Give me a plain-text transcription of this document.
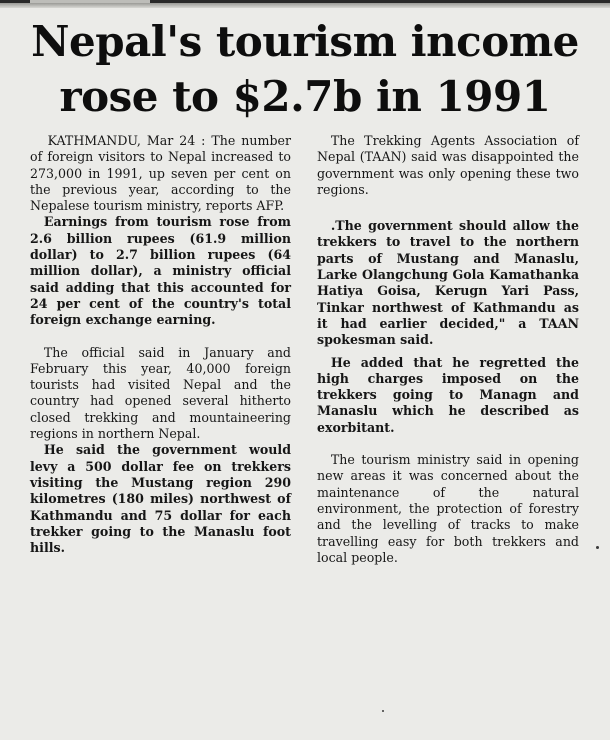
Nepal's tourism income
rose to $2.7b in 1991

KATHMANDU, Mar 24 : The number of foreign visitors to Nepal increased to 273,000 in 1991, up seven per cent on the previous year, according to the Nepalese tourism ministry, reports AFP.

Earnings from tourism rose from 2.6 billion rupees (61.9 million dollar) to 2.7 billion rupees (64 million dollar), a ministry official said adding that this accounted for 24 per cent of the country's total foreign exchange earning.

The official said in January and February this year, 40,000 foreign tourists had visited Nepal and the country had opened several hitherto closed trekking and mountaineering regions in northern Nepal.

He said the government would levy a 500 dollar fee on trekkers visiting the Mustang region 290 kilometres (180 miles) northwest of Kathmandu and 75 dollar for each trekker going to the Manaslu foot hills.

The Trekking Agents Association of Nepal (TAAN) said was disappointed the government was only opening these two regions.

.The government should allow the trekkers to travel to the northern parts of Mustang and Manaslu, Larke Olangchung Gola Kamathanka Hatiya Goisa, Kerugn Yari Pass, Tinkar northwest of Kathmandu as it had earlier decided," a TAAN spokesman said.

He added that he regretted the high charges imposed on the trekkers going to Managn and Manaslu which he described as exorbitant.

The tourism ministry said in opening new areas it was concerned about the maintenance of the natural environment, the protection of forestry and the levelling of tracks to make travelling easy for both trekkers and local people.
